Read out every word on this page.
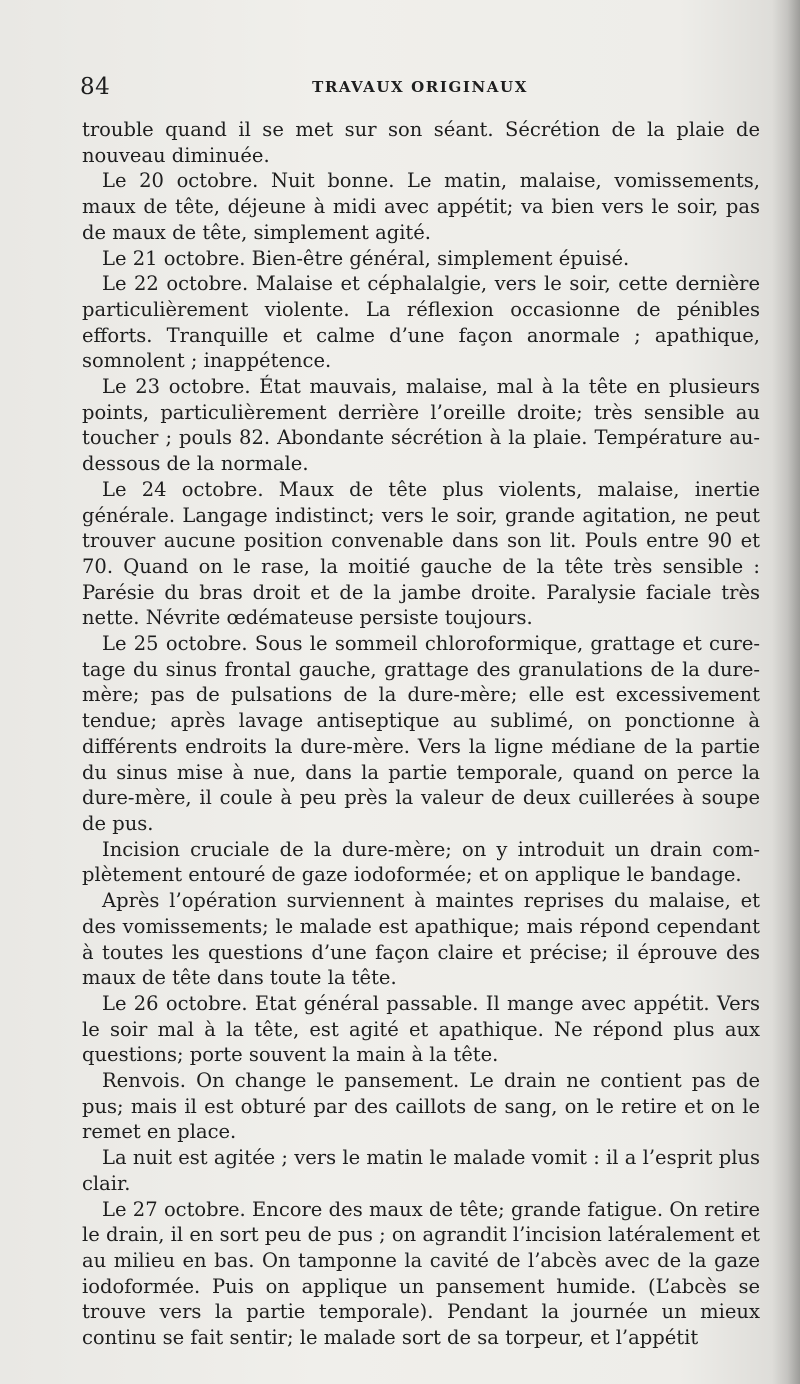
84	TRAVAUX ORIGINAUX

trouble quand il se met sur son séant. Sécrétion de la plaie de nouveau diminuée.

Le 20 octobre. Nuit bonne. Le matin, malaise, vomissements, maux de tête, déjeune à midi avec appétit; va bien vers le soir, pas de maux de tête, simplement agité.

Le 21 octobre. Bien-être général, simplement épuisé.

Le 22 octobre. Malaise et céphalalgie, vers le soir, cette dernière particulièrement violente. La réflexion occasionne de pénibles efforts. Tranquille et calme d’une façon anormale ; apathique, somnolent ; inappétence.

Le 23 octobre. État mauvais, malaise, mal à la tête en plusieurs points, particulièrement derrière l’oreille droite; très sensible au toucher ; pouls 82. Abondante sécrétion à la plaie. Température au-dessous de la normale.

Le 24 octobre. Maux de tête plus violents, malaise, inertie générale. Langage indistinct; vers le soir, grande agitation, ne peut trouver aucune position convenable dans son lit. Pouls entre 90 et 70. Quand on le rase, la moitié gauche de la tête très sensible : Parésie du bras droit et de la jambe droite. Paralysie faciale très nette. Névrite œdémateuse persiste toujours.

Le 25 octobre. Sous le sommeil chloroformique, grattage et curetage du sinus frontal gauche, grattage des granulations de la dure-mère; pas de pulsations de la dure-mère; elle est excessivement tendue; après lavage antiseptique au sublimé, on ponctionne à différents endroits la dure-mère. Vers la ligne médiane de la partie du sinus mise à nue, dans la partie temporale, quand on perce la dure-mère, il coule à peu près la valeur de deux cuillerées à soupe de pus.

Incision cruciale de la dure-mère; on y introduit un drain complètement entouré de gaze iodoformée; et on applique le bandage.

Après l’opération surviennent à maintes reprises du malaise, et des vomissements; le malade est apathique; mais répond cependant à toutes les questions d’une façon claire et précise; il éprouve des maux de tête dans toute la tête.

Le 26 octobre. Etat général passable. Il mange avec appétit. Vers le soir mal à la tête, est agité et apathique. Ne répond plus aux questions; porte souvent la main à la tête.

Renvois. On change le pansement. Le drain ne contient pas de pus; mais il est obturé par des caillots de sang, on le retire et on le remet en place.

La nuit est agitée ; vers le matin le malade vomit : il a l’esprit plus clair.

Le 27 octobre. Encore des maux de tête; grande fatigue. On retire le drain, il en sort peu de pus ; on agrandit l’incision latéralement et au milieu en bas. On tamponne la cavité de l’abcès avec de la gaze iodoformée. Puis on applique un pansement humide. (L’abcès se trouve vers la partie temporale). Pendant la journée un mieux continu se fait sentir; le malade sort de sa torpeur, et l’appétit
